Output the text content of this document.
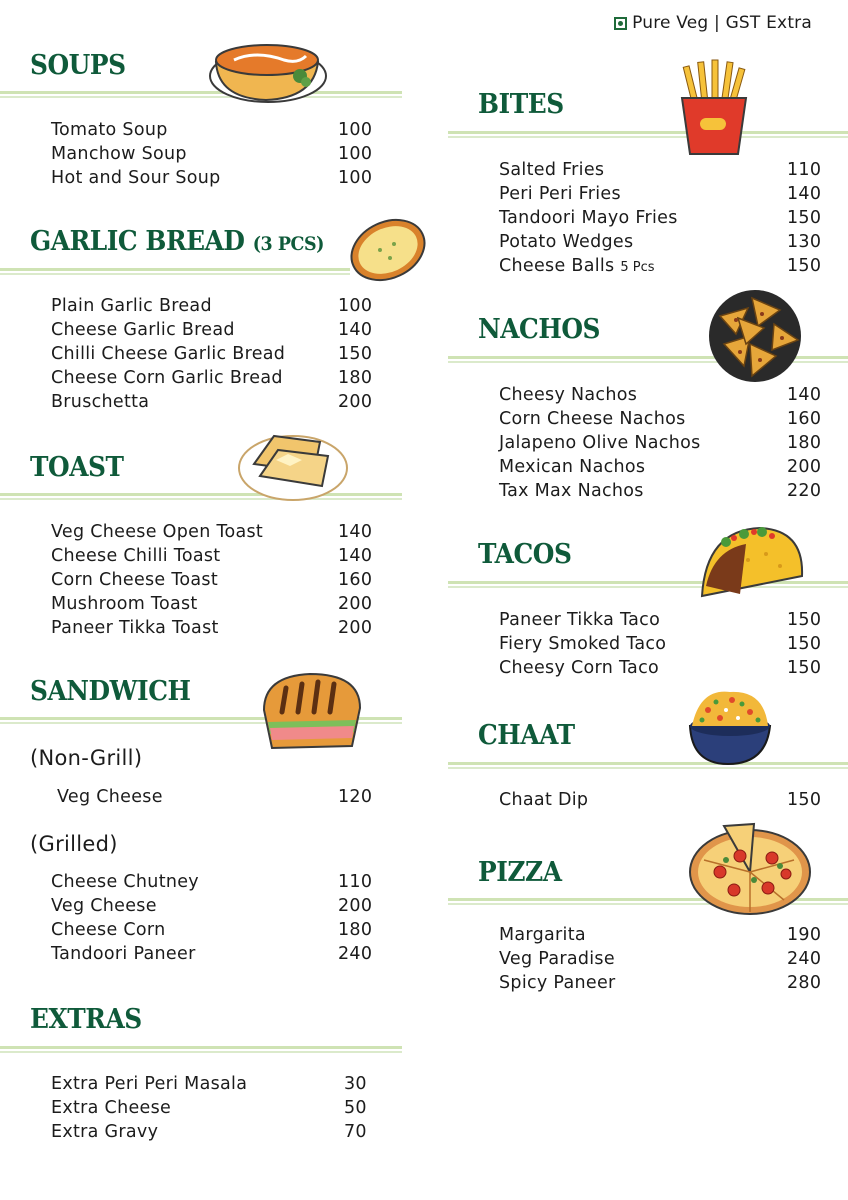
Pure Veg | GST Extra
SOUPS
Tomato Soup	100
Manchow Soup	100
Hot and Sour Soup	100
GARLIC BREAD (3 PCS)
Plain Garlic Bread	100
Cheese Garlic Bread	140
Chilli Cheese Garlic Bread	150
Cheese Corn Garlic Bread	180
Bruschetta	200
TOAST
Veg Cheese Open Toast	140
Cheese Chilli Toast	140
Corn Cheese Toast	160
Mushroom Toast	200
Paneer Tikka Toast	200
SANDWICH
(Non-Grill)
Veg Cheese	120
(Grilled)
Cheese Chutney	110
Veg Cheese	200
Cheese Corn	180
Tandoori Paneer	240
EXTRAS
Extra Peri Peri Masala	30
Extra Cheese	50
Extra Gravy	70
BITES
Salted Fries	110
Peri Peri Fries	140
Tandoori Mayo Fries	150
Potato Wedges	130
Cheese Balls 5 Pcs	150
NACHOS
Cheesy Nachos	140
Corn Cheese Nachos	160
Jalapeno Olive Nachos	180
Mexican Nachos	200
Tax Max Nachos	220
TACOS
Paneer Tikka Taco	150
Fiery Smoked Taco	150
Cheesy Corn Taco	150
CHAAT
Chaat Dip	150
PIZZA
Margarita	190
Veg Paradise	240
Spicy Paneer	280
